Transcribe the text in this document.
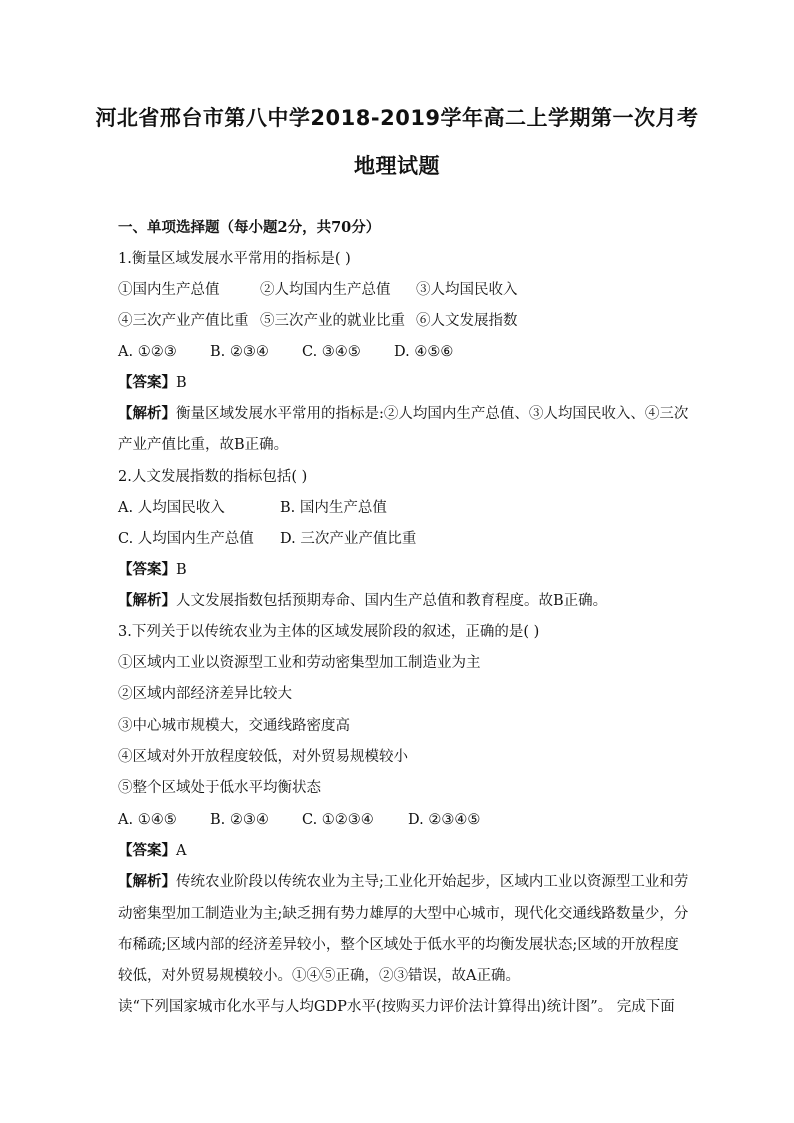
河北省邢台市第八中学2018-2019学年高二上学期第一次月考
地理试题
一、单项选择题（每小题2分，共70分）
1.衡量区域发展水平常用的指标是( )
①国内生产总值	②人均国内生产总值 ③人均国民收入
④三次产业产值比重 ⑤三次产业的就业比重 ⑥人文发展指数
A. ①②③ B. ②③④ C. ③④⑤ D. ④⑤⑥
【答案】B
【解析】衡量区域发展水平常用的指标是:②人均国内生产总值、③人均国民收入、④三次
产业产值比重，故B正确。
2.人文发展指数的指标包括( )
A. 人均国民收入	B. 国内生产总值
C. 人均国内生产总值 D. 三次产业产值比重
【答案】B
【解析】人文发展指数包括预期寿命、国内生产总值和教育程度。故B正确。
3.下列关于以传统农业为主体的区域发展阶段的叙述，正确的是( )
①区域内工业以资源型工业和劳动密集型加工制造业为主
②区域内部经济差异比较大
③中心城市规模大，交通线路密度高
④区域对外开放程度较低，对外贸易规模较小
⑤整个区域处于低水平均衡状态
A. ①④⑤ B. ②③④ C. ①②③④ D. ②③④⑤
【答案】A
【解析】传统农业阶段以传统农业为主导;工业化开始起步，区域内工业以资源型工业和劳
动密集型加工制造业为主;缺乏拥有势力雄厚的大型中心城市，现代化交通线路数量少，分
布稀疏;区域内部的经济差异较小，整个区域处于低水平的均衡发展状态;区域的开放程度
较低，对外贸易规模较小。①④⑤正确，②③错误，故A正确。
读“下列国家城市化水平与人均GDP水平(按购买力评价法计算得出)统计图”。 完成下面
